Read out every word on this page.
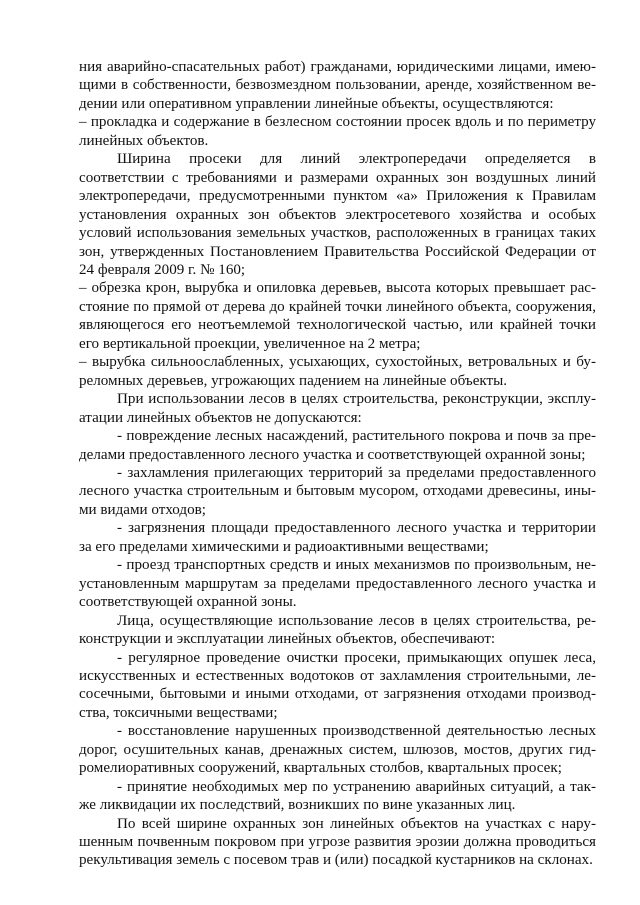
ния аварийно-спасательных работ) гражданами, юридическими лицами, имеющими в собственности, безвозмездном пользовании, аренде, хозяйственном ведении или оперативном управлении линейные объекты, осуществляются:

– прокладка и содержание в безлесном состоянии просек вдоль и по периметру линейных объектов.

Ширина просеки для линий электропередачи определяется в соответствии с требованиями и размерами охранных зон воздушных линий электропередачи, предусмотренными пунктом «а» Приложения к Правилам установления охранных зон объектов электросетевого хозяйства и особых условий использования земельных участков, расположенных в границах таких зон, утвержденных Постановлением Правительства Российской Федерации от 24 февраля 2009 г. № 160;

– обрезка крон, вырубка и опиловка деревьев, высота которых превышает расстояние по прямой от дерева до крайней точки линейного объекта, сооружения, являющегося его неотъемлемой технологической частью, или крайней точки его вертикальной проекции, увеличенное на 2 метра;

– вырубка сильноослабленных, усыхающих, сухостойных, ветровальных и буреломных деревьев, угрожающих падением на линейные объекты.

При использовании лесов в целях строительства, реконструкции, эксплуатации линейных объектов не допускаются:

- повреждение лесных насаждений, растительного покрова и почв за пределами предоставленного лесного участка и соответствующей охранной зоны;

- захламления прилегающих территорий за пределами предоставленного лесного участка строительным и бытовым мусором, отходами древесины, иными видами отходов;

- загрязнения площади предоставленного лесного участка и территории за его пределами химическими и радиоактивными веществами;

- проезд транспортных средств и иных механизмов по произвольным, неустановленным маршрутам за пределами предоставленного лесного участка и соответствующей охранной зоны.

Лица, осуществляющие использование лесов в целях строительства, реконструкции и эксплуатации линейных объектов, обеспечивают:

- регулярное проведение очистки просеки, примыкающих опушек леса, искусственных и естественных водотоков от захламления строительными, лесосечными, бытовыми и иными отходами, от загрязнения отходами производства, токсичными веществами;

- восстановление нарушенных производственной деятельностью лесных дорог, осушительных канав, дренажных систем, шлюзов, мостов, других гидромелиоративных сооружений, квартальных столбов, квартальных просек;

- принятие необходимых мер по устранению аварийных ситуаций, а также ликвидации их последствий, возникших по вине указанных лиц.

По всей ширине охранных зон линейных объектов на участках с нарушенным почвенным покровом при угрозе развития эрозии должна проводиться рекультивация земель с посевом трав и (или) посадкой кустарников на склонах.
